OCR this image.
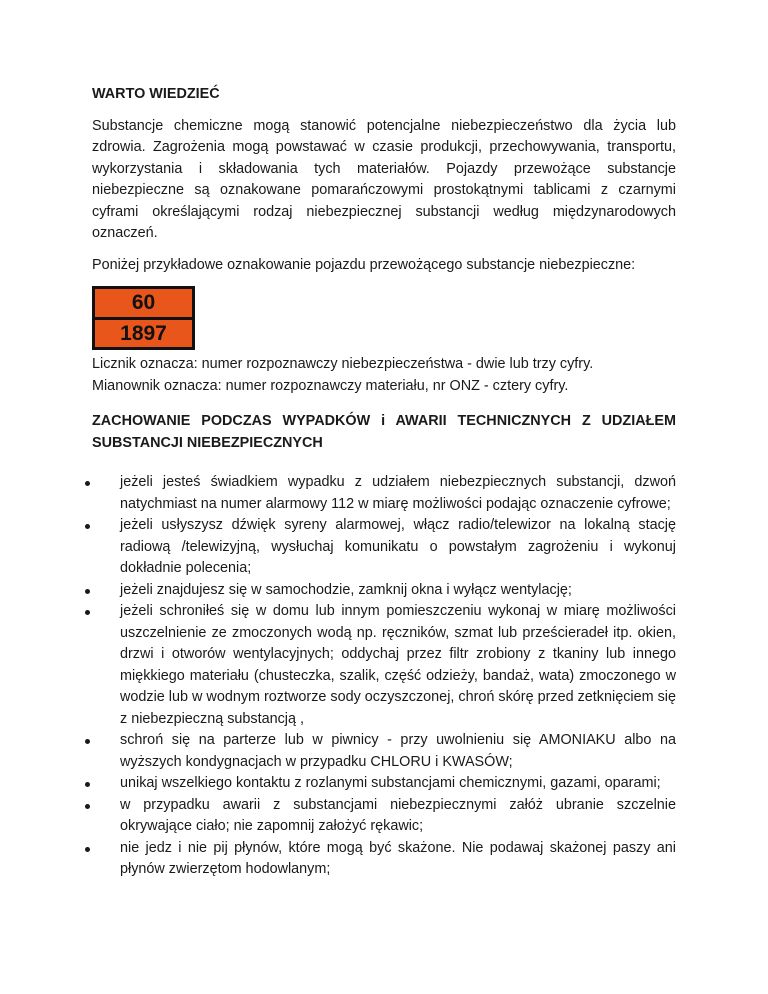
WARTO WIEDZIEĆ

Substancje chemiczne mogą stanowić potencjalne niebezpieczeństwo dla życia lub zdrowia. Zagrożenia mogą powstawać w czasie produkcji, przechowywania, transportu, wykorzystania i składowania tych materiałów. Pojazdy przewożące substancje niebezpieczne są oznakowane pomarańczowymi prostokątnymi tablicami z czarnymi cyframi określającymi rodzaj niebezpiecznej substancji według międzynarodowych oznaczeń.

Poniżej przykładowe oznakowanie pojazdu przewożącego substancje niebezpieczne:

60
1897
Licznik oznacza: numer rozpoznawczy niebezpieczeństwa - dwie lub trzy cyfry.
Mianownik oznacza: numer rozpoznawczy materiału, nr ONZ - cztery cyfry.
ZACHOWANIE PODCZAS WYPADKÓW i AWARII TECHNICZNYCH Z UDZIAŁEM SUBSTANCJI NIEBEZPIECZNYCH
jeżeli jesteś świadkiem wypadku z udziałem niebezpiecznych substancji, dzwoń natychmiast na numer alarmowy 112 w miarę możliwości podając oznaczenie cyfrowe;
jeżeli usłyszysz dźwięk syreny alarmowej, włącz radio/telewizor na lokalną stację radiową /telewizyjną, wysłuchaj komunikatu o powstałym zagrożeniu i wykonuj dokładnie polecenia;
jeżeli znajdujesz się w samochodzie, zamknij okna i wyłącz wentylację;
jeżeli schroniłeś się w domu lub innym pomieszczeniu wykonaj w miarę możliwości uszczelnienie ze zmoczonych wodą np. ręczników, szmat lub prześcieradeł itp. okien, drzwi i otworów wentylacyjnych; oddychaj przez filtr zrobiony z tkaniny lub innego miękkiego materiału (chusteczka, szalik, część odzieży, bandaż, wata) zmoczonego w wodzie lub w wodnym roztworze sody oczyszczonej, chroń skórę przed zetknięciem się z niebezpieczną substancją ,
schroń się na parterze lub w piwnicy - przy uwolnieniu się AMONIAKU albo na wyższych kondygnacjach w przypadku CHLORU i KWASÓW;
unikaj wszelkiego kontaktu z rozlanymi substancjami chemicznymi, gazami, oparami;
w przypadku awarii z substancjami niebezpiecznymi załóż ubranie szczelnie okrywające ciało; nie zapomnij założyć rękawic;
nie jedz i nie pij płynów, które mogą być skażone. Nie podawaj skażonej paszy ani płynów zwierzętom hodowlanym;
